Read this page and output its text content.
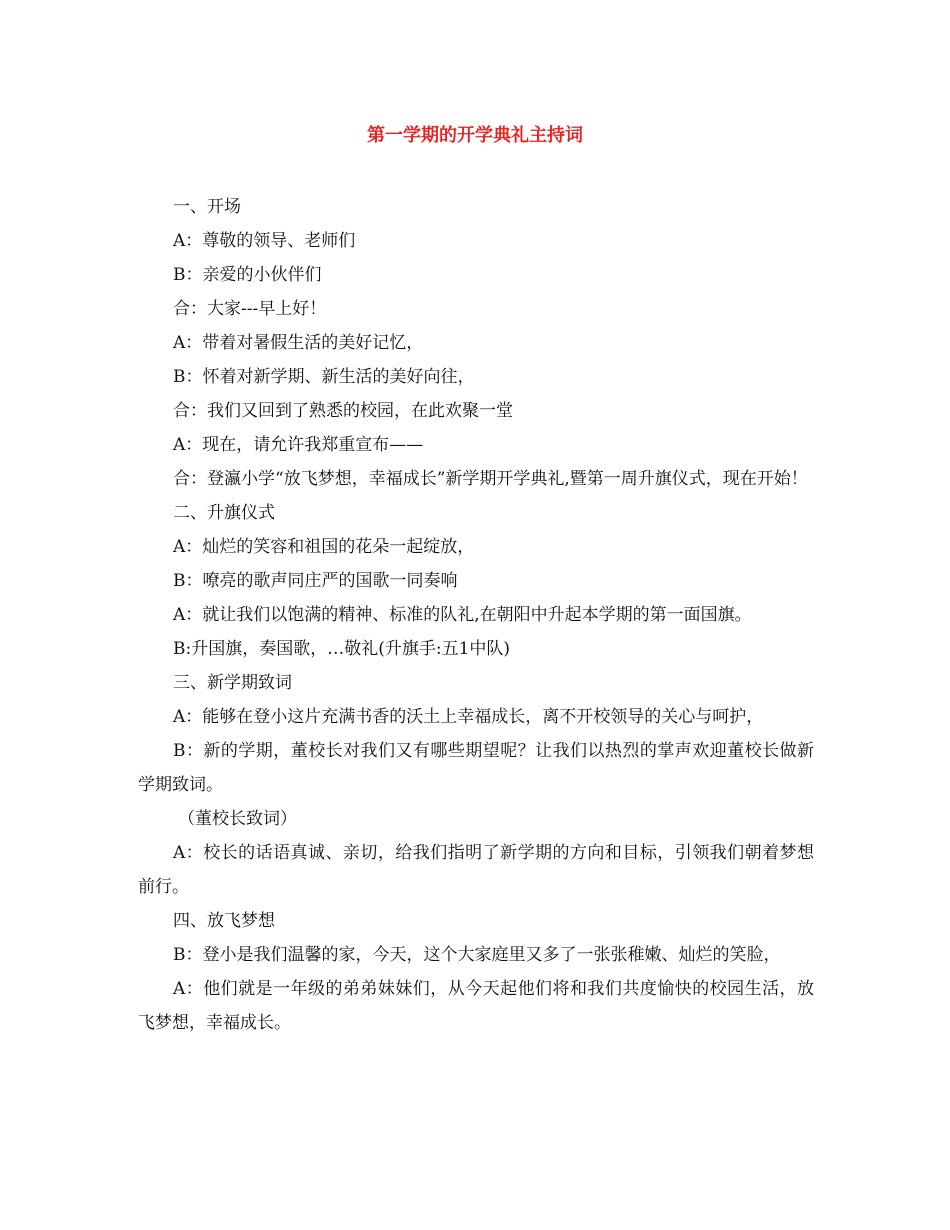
第一学期的开学典礼主持词

一、开场

A：尊敬的领导、老师们

B：亲爱的小伙伴们

合：大家---早上好！

A：带着对暑假生活的美好记忆，

B：怀着对新学期、新生活的美好向往，

合：我们又回到了熟悉的校园，在此欢聚一堂

A：现在，请允许我郑重宣布——

合：登瀛小学“放飞梦想，幸福成长”新学期开学典礼,暨第一周升旗仪式，现在开始！

二、升旗仪式

A：灿烂的笑容和祖国的花朵一起绽放，

B：嘹亮的歌声同庄严的国歌一同奏响

A：就让我们以饱满的精神、标准的队礼,在朝阳中升起本学期的第一面国旗。

B:升国旗，奏国歌，…敬礼(升旗手:五1中队)

三、新学期致词

A：能够在登小这片充满书香的沃土上幸福成长，离不开校领导的关心与呵护，

B：新的学期，董校长对我们又有哪些期望呢？让我们以热烈的掌声欢迎董校长做新学期致词。

（董校长致词）

A：校长的话语真诚、亲切，给我们指明了新学期的方向和目标，引领我们朝着梦想前行。

四、放飞梦想

B：登小是我们温馨的家，今天，这个大家庭里又多了一张张稚嫩、灿烂的笑脸，

A：他们就是一年级的弟弟妹妹们，从今天起他们将和我们共度愉快的校园生活，放飞梦想，幸福成长。
